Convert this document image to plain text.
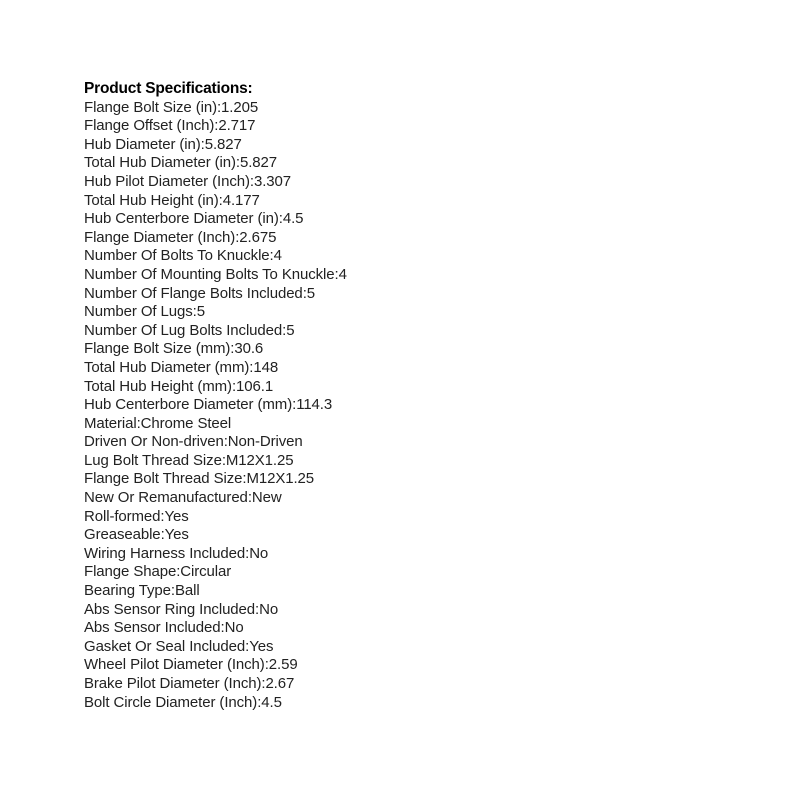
Product Specifications:
Flange Bolt Size (in):1.205
Flange Offset (Inch):2.717
Hub Diameter (in):5.827
Total Hub Diameter (in):5.827
Hub Pilot Diameter (Inch):3.307
Total Hub Height (in):4.177
Hub Centerbore Diameter (in):4.5
Flange Diameter (Inch):2.675
Number Of Bolts To Knuckle:4
Number Of Mounting Bolts To Knuckle:4
Number Of Flange Bolts Included:5
Number Of Lugs:5
Number Of Lug Bolts Included:5
Flange Bolt Size (mm):30.6
Total Hub Diameter (mm):148
Total Hub Height (mm):106.1
Hub Centerbore Diameter (mm):114.3
Material:Chrome Steel
Driven Or Non-driven:Non-Driven
Lug Bolt Thread Size:M12X1.25
Flange Bolt Thread Size:M12X1.25
New Or Remanufactured:New
Roll-formed:Yes
Greaseable:Yes
Wiring Harness Included:No
Flange Shape:Circular
Bearing Type:Ball
Abs Sensor Ring Included:No
Abs Sensor Included:No
Gasket Or Seal Included:Yes
Wheel Pilot Diameter (Inch):2.59
Brake Pilot Diameter (Inch):2.67
Bolt Circle Diameter (Inch):4.5
